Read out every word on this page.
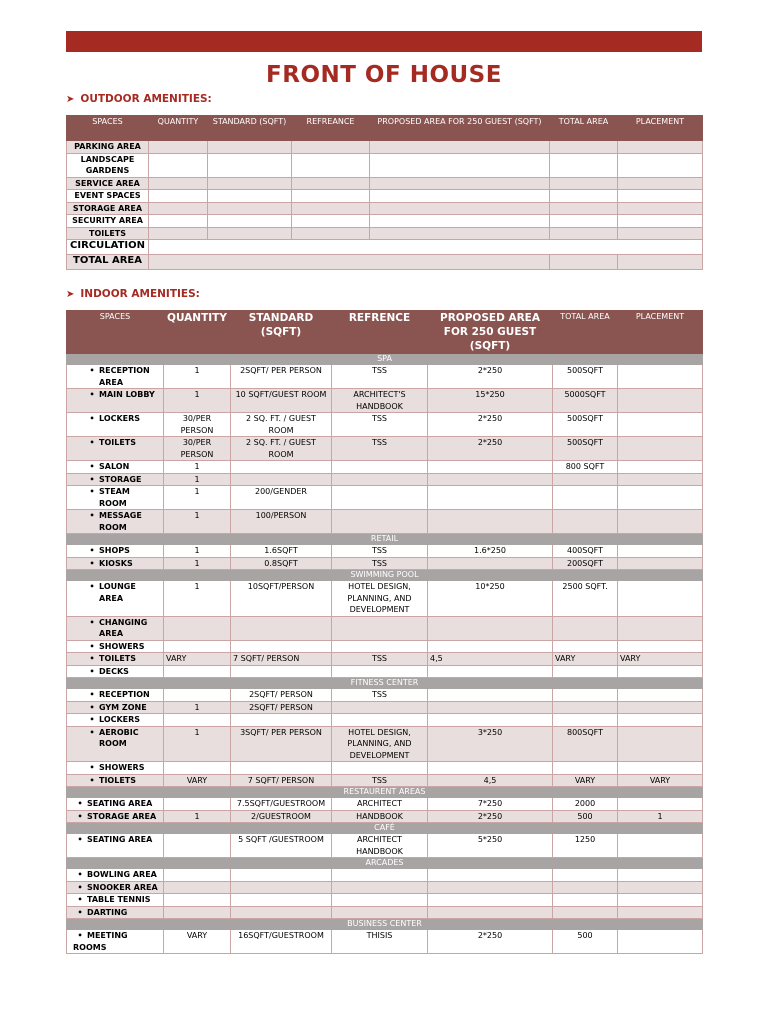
FRONT OF HOUSE
➤ OUTDOOR AMENITIES:
SPACES	QUANTITY	STANDARD (SQFT)	REFREANCE	PROPOSED AREA FOR 250 GUEST (SQFT)	TOTAL AREA	PLACEMENT
PARKING AREA						
LANDSCAPE GARDENS						
SERVICE AREA						
EVENT SPACES						
STORAGE AREA						
SECURITY AREA						
TOILETS						
CIRCULATION						
TOTAL AREA						
➤ INDOOR AMENITIES:
SPACES	QUANTITY	STANDARD (SQFT)	REFRENCE	PROPOSED AREA FOR 250 GUEST (SQFT)	TOTAL AREA	PLACEMENT
SPA						
• RECEPTION AREA	1	2SQFT/ PER PERSON	TSS	2*250	500SQFT	
• MAIN LOBBY	1	10 SQFT/GUEST ROOM	ARCHITECT'S HANDBOOK	15*250	5000SQFT	
• LOCKERS	30/PER PERSON	2 SQ. FT. / GUEST ROOM	TSS	2*250	500SQFT	
• TOILETS	30/PER PERSON	2 SQ. FT. / GUEST ROOM	TSS	2*250	500SQFT	
• SALON	1				800 SQFT	
• STORAGE	1					
• STEAM ROOM	1	200/GENDER				
• MESSAGE ROOM	1	100/PERSON				
RETAIL						
• SHOPS	1	1.6SQFT	TSS	1.6*250	400SQFT	
• KIOSKS	1	0.8SQFT	TSS		200SQFT	
SWIMMING POOL						
• LOUNGE AREA	1	10SQFT/PERSON	HOTEL DESIGN, PLANNING, AND DEVELOPMENT	10*250	2500 SQFT.	
• CHANGING AREA						
• SHOWERS						
• TOILETS	VARY	7 SQFT/ PERSON	TSS	4,5	VARY	VARY
• DECKS						
FITNESS CENTER						
• RECEPTION		2SQFT/ PERSON	TSS			
• GYM ZONE	1	2SQFT/ PERSON				
• LOCKERS						
• AEROBIC ROOM	1	3SQFT/ PER PERSON	HOTEL DESIGN, PLANNING, AND DEVELOPMENT	3*250	800SQFT	
• SHOWERS						
• TIOLETS	VARY	7 SQFT/ PERSON	TSS	4,5	VARY	VARY
RESTAURENT AREAS						
• SEATING AREA		7.5SQFT/GUESTROOM	ARCHITECT	7*250	2000	
• STORAGE AREA	1	2/GUESTROOM	HANDBOOK	2*250	500	1
CAFÉ						
• SEATING AREA		5 SQFT /GUESTROOM	ARCHITECT HANDBOOK	5*250	1250	
ARCADES						
• BOWLING AREA						
• SNOOKER AREA						
• TABLE TENNIS						
• DARTING						
BUSINESS CENTER						
• MEETING ROOMS	VARY	16SQFT/GUESTROOM	THISIS	2*250	500	
